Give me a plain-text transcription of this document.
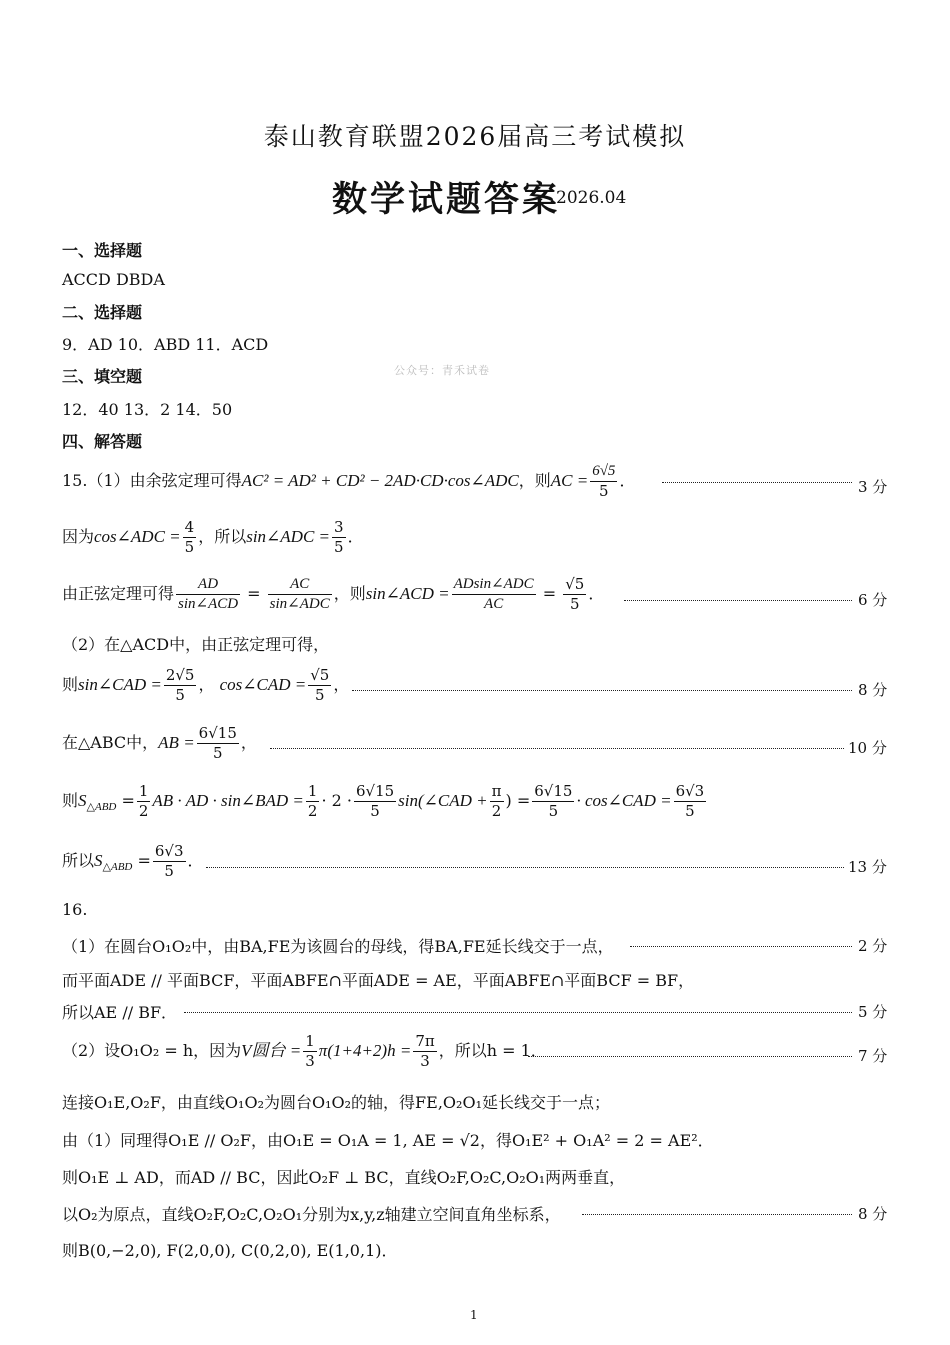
泰山教育联盟2026届高三考试模拟
数学试题答案
2026.04
一、选择题
ACCD DBDA
二、选择题
9．AD 10．ABD 11．ACD
公众号：青禾试卷
三、填空题
12．40 13．2 14．50
四、解答题
15.（1）由余弦定理可得AC² = AD² + CD² − 2AD·CD·cos∠ADC，则AC = $\frac{6√5}{5}$ ．	3 分
因为cos∠ADC = $\frac{4}{5}$ ，所以sin∠ADC = $\frac{3}{5}$ ．
由正弦定理可得 $\frac{AD}{\text{sin∠ACD}} = \frac{AC}{\text{sin∠ADC}}$ ，则sin∠ACD = $\frac{\text{ADsin∠ADC}}{AC} = \frac{√5}{5}$ ．	6 分
（2）在△ACD中，由正弦定理可得，
则sin∠CAD = $\frac{2√5}{5}$ ， cos∠CAD = $\frac{√5}{5}$ ，	8 分
在△ABC中，AB = $\frac{6√15}{5}$ ，	10 分
则$S_{\triangle ABD} = \frac{1}{2}$ AB · AD · sin∠BAD = $\frac{1}{2} \cdot 2 \cdot \frac{6√15}{5}$ sin(∠CAD + $\frac{\pi}{2}$ ) = $\frac{6√15}{5}$ · cos∠CAD = $\frac{6√3}{5}$
所以$S_{\triangle ABD} = \frac{6√3}{5}$ ．	13 分
16.
（1）在圆台O₁O₂中，由BA,FE为该圆台的母线，得BA,FE延长线交于一点，	2 分
而平面ADE // 平面BCF，平面ABFE∩平面ADE = AE，平面ABFE∩平面BCF = BF，
所以AE // BF．	5 分
（2）设O₁O₂ = h，因为V圆台 = $\frac{1}{3} \pi(1+4+2)h = \frac{7\pi}{3}$ ，所以h = 1．	7 分
连接O₁E,O₂F，由直线O₁O₂为圆台O₁O₂的轴，得FE,O₂O₁延长线交于一点；
由（1）同理得O₁E // O₂F，由O₁E = O₁A = 1, AE = √2，得O₁E² + O₁A² = 2 = AE²．
则O₁E ⊥ AD，而AD // BC，因此O₂F ⊥ BC，直线O₂F,O₂C,O₂O₁两两垂直，
以O₂为原点，直线O₂F,O₂C,O₂O₁分别为x,y,z轴建立空间直角坐标系，	8 分
则B(0,−2,0), F(2,0,0), C(0,2,0), E(1,0,1)．
1
